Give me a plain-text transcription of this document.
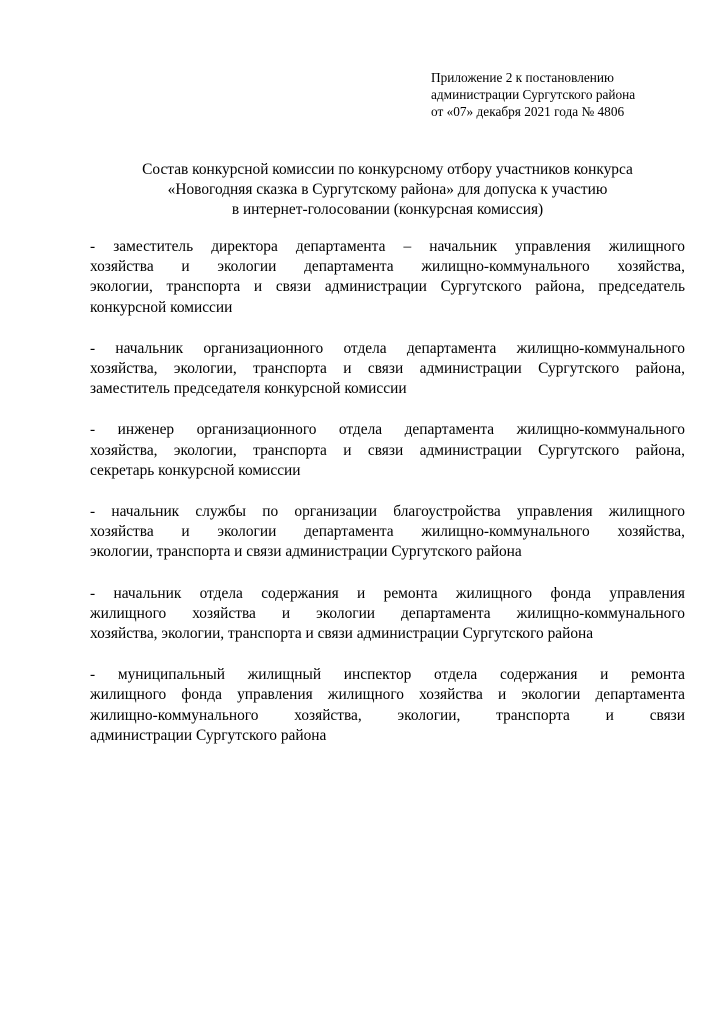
Приложение 2 к постановлению
администрации Сургутского района
от «07» декабря 2021 года № 4806
Состав конкурсной комиссии по конкурсному отбору участников конкурса
«Новогодняя сказка в Сургутскому района» для допуска к участию
в интернет-голосовании (конкурсная комиссия)

- заместитель директора департамента – начальник управления жилищного
хозяйства и экологии департамента жилищно-коммунального хозяйства,
экологии, транспорта и связи администрации Сургутского района, председатель
конкурсной комиссии

- начальник организационного отдела департамента жилищно-коммунального
хозяйства, экологии, транспорта и связи администрации Сургутского района,
заместитель председателя конкурсной комиссии

- инженер организационного отдела департамента жилищно-коммунального
хозяйства, экологии, транспорта и связи администрации Сургутского района,
секретарь конкурсной комиссии

- начальник службы по организации благоустройства управления жилищного
хозяйства и экологии департамента жилищно-коммунального хозяйства,
экологии, транспорта и связи администрации Сургутского района

- начальник отдела содержания и ремонта жилищного фонда управления
жилищного хозяйства и экологии департамента жилищно-коммунального
хозяйства, экологии, транспорта и связи администрации Сургутского района

- муниципальный жилищный инспектор отдела содержания и ремонта
жилищного фонда управления жилищного хозяйства и экологии департамента
жилищно-коммунального хозяйства, экологии, транспорта и связи
администрации Сургутского района
